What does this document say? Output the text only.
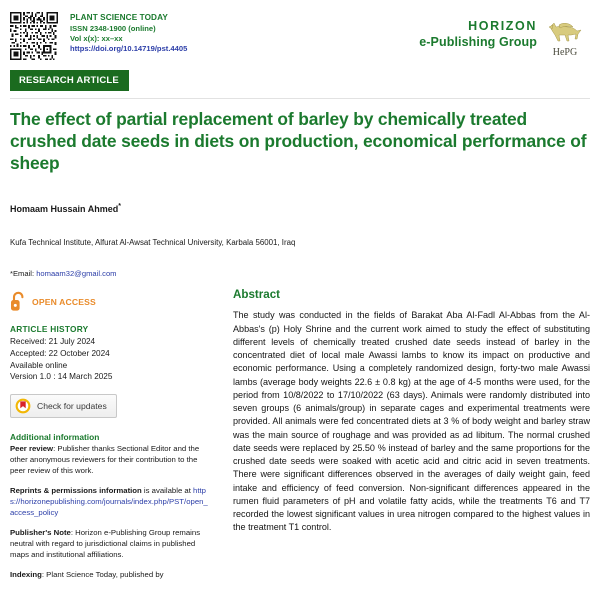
PLANT SCIENCE TODAY
ISSN 2348-1900 (online)
Vol x(x): xx–xx
https://doi.org/10.14719/pst.4405
HORIZON
e-Publishing Group
HePG
RESEARCH ARTICLE
The effect of partial replacement of barley by chemically treated crushed date seeds in diets on production, economical performance of sheep
Homaam Hussain Ahmed*
Kufa Technical Institute, Alfurat Al-Awsat Technical University, Karbala 56001, Iraq
*Email: homaam32@gmail.com
OPEN ACCESS
ARTICLE HISTORY
Received: 21 July 2024
Accepted: 22 October 2024
Available online
Version 1.0 : 14 March 2025
Check for updates
Additional information
Peer review: Publisher thanks Sectional Editor and the other anonymous reviewers for their contribution to the peer review of this work.
Reprints & permissions information is available at https://horizonepublishing.com/journals/index.php/PST/open_access_policy
Publisher's Note: Horizon e-Publishing Group remains neutral with regard to jurisdictional claims in published maps and institutional affiliations.
Indexing: Plant Science Today, published by
Abstract
The study was conducted in the fields of Barakat Aba Al-Fadl Al-Abbas from the Al-Abbas's (p) Holy Shrine and the current work aimed to study the effect of substituting different levels of chemically treated crushed date seeds instead of barley in the concentrated diet of local male Awassi lambs to know its impact on productive and economic performance. Using a completely randomized design, forty-two male Awassi lambs (average body weights 22.6 ± 0.8 kg) at the age of 4-5 months were used, for the period from 10/8/2022 to 17/10/2022 (63 days). Animals were randomly distributed into seven groups (6 animals/group) in separate cages and experimental treatments were provided. All animals were fed concentrated diets at 3 % of body weight and barley straw was the main source of roughage and was provided as ad libitum. The normal crushed date seeds were replaced by 25.50 % instead of barley and the same proportions for the crushed date seeds were soaked with acetic acid and citric acid in seven treatments. There were significant differences observed in the averages of daily weight gain, feed intake and efficiency of feed conversion. Non-significant differences appeared in the rumen fluid parameters of pH and volatile fatty acids, while the treatments T6 and T7 recorded the lowest significant values in urea nitrogen compared to the highest values in the treatment T1 control.
